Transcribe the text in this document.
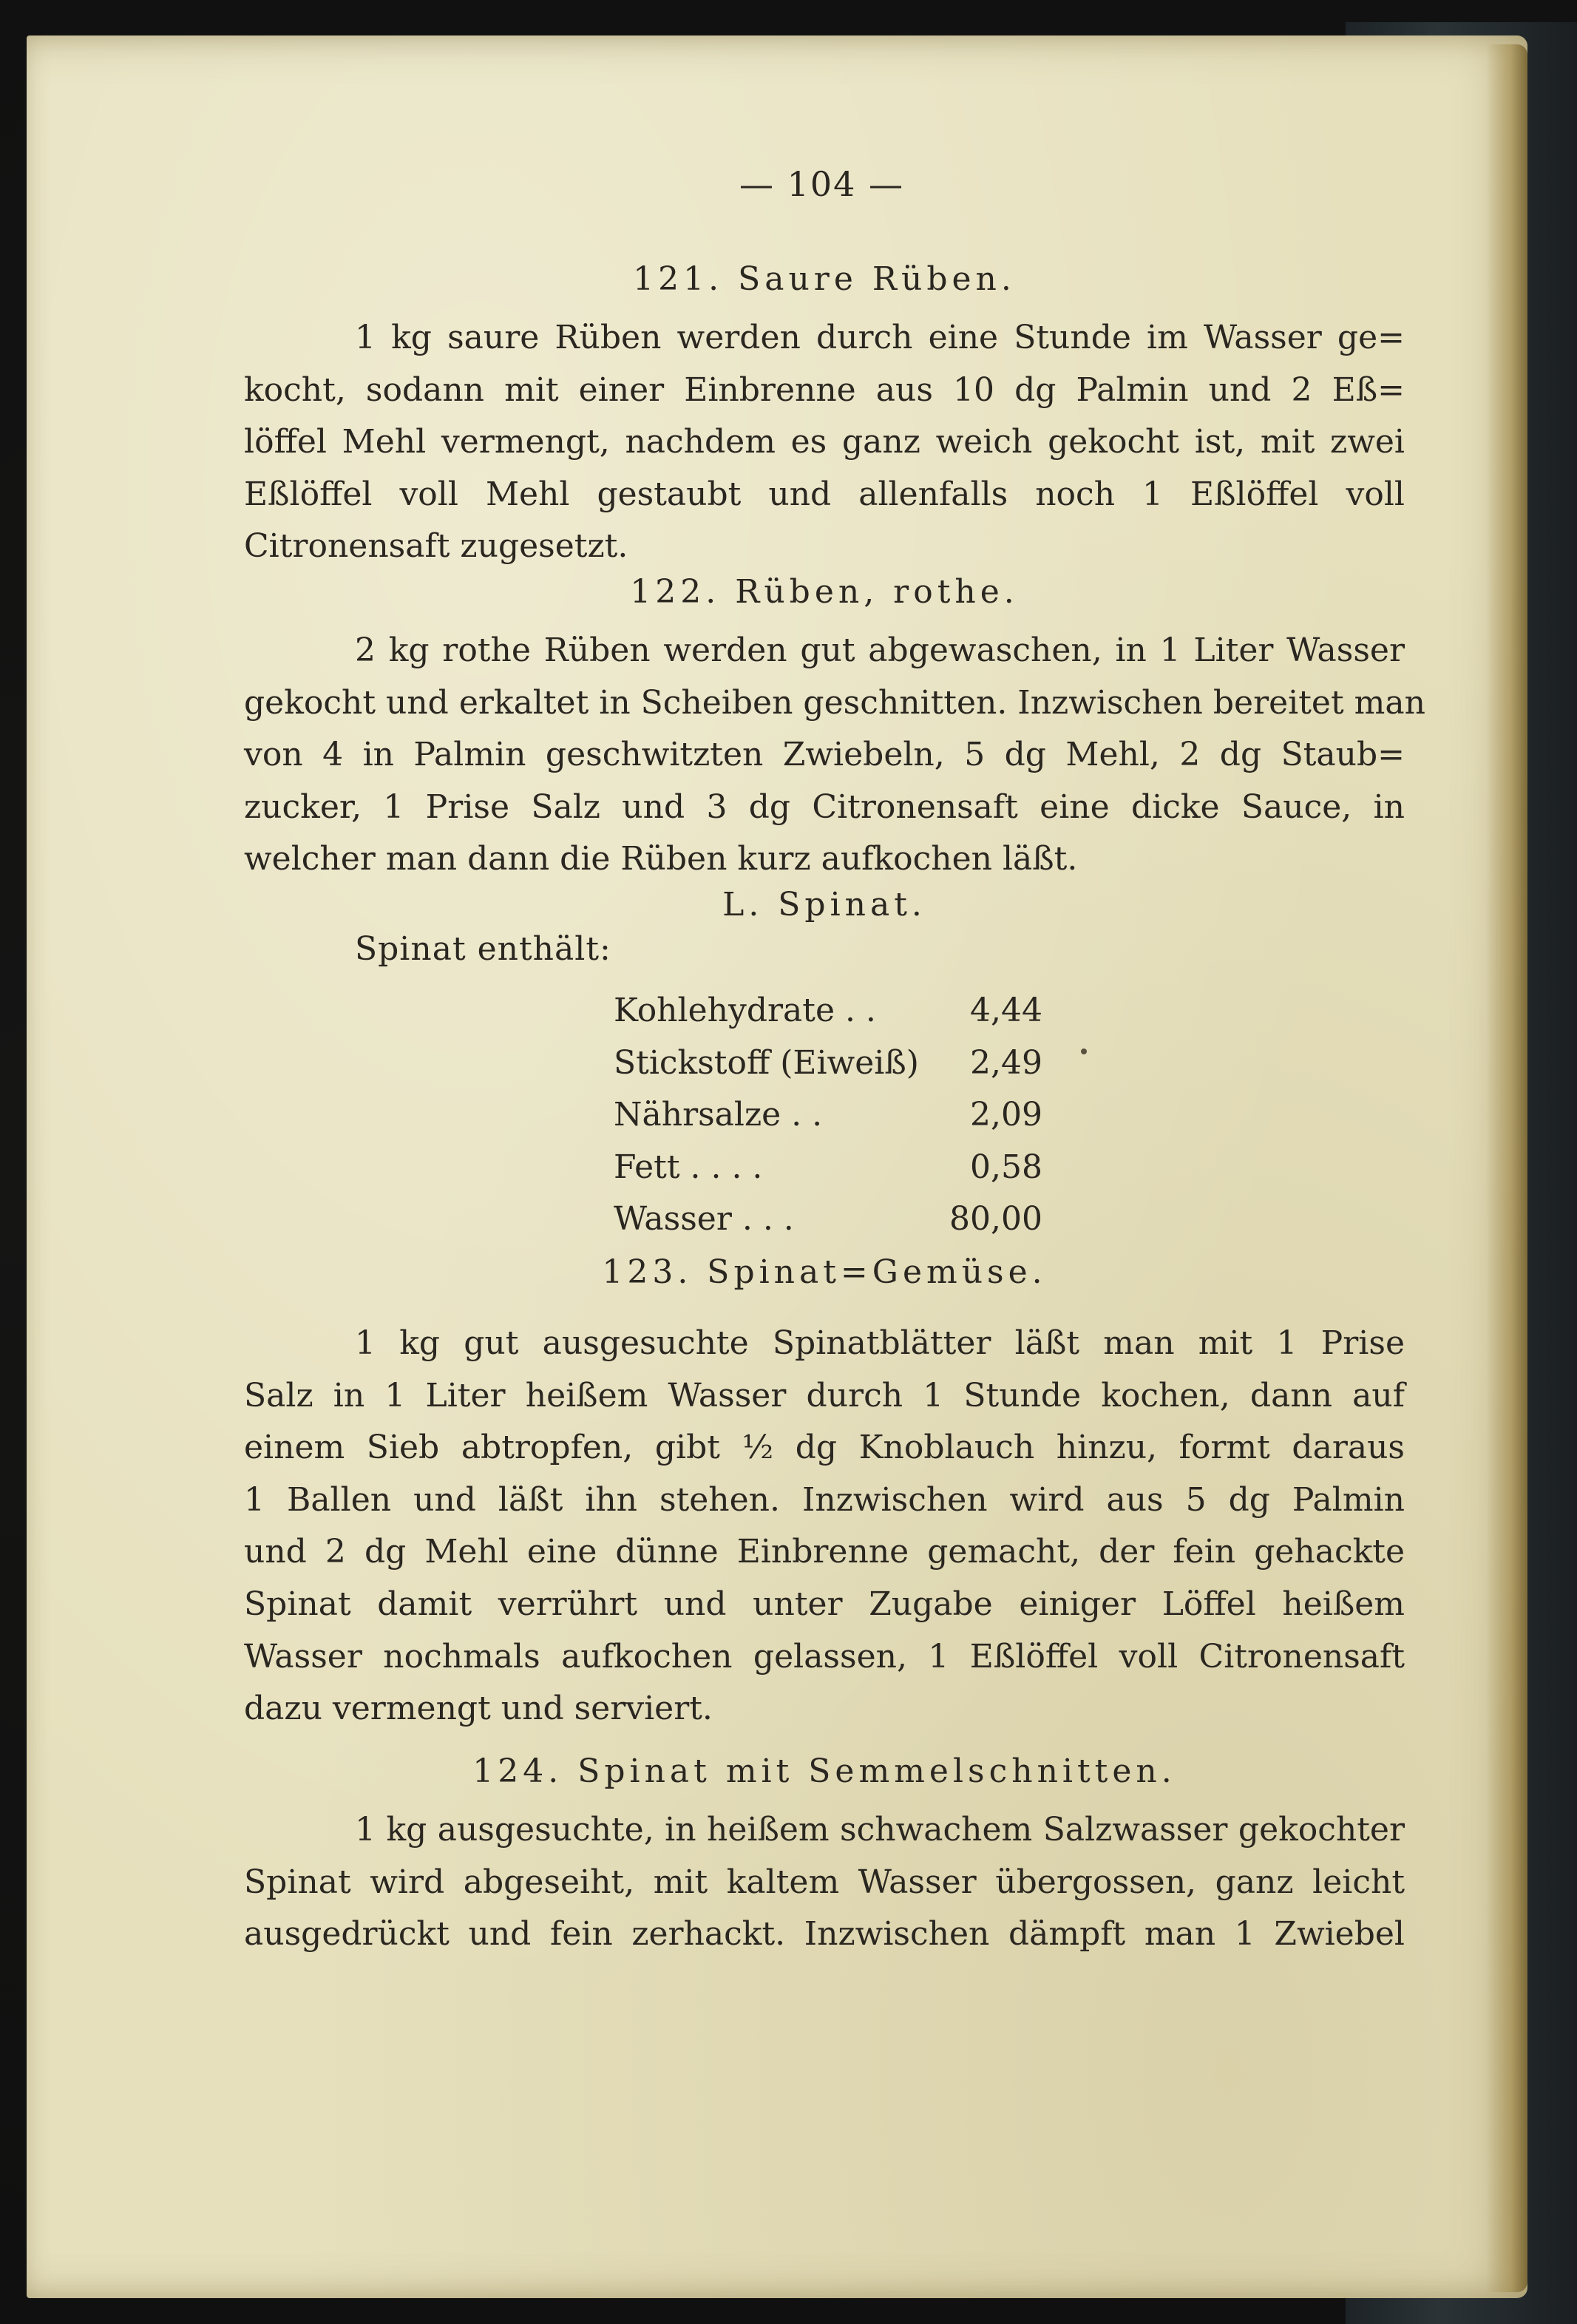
— 104 —
121. Saure Rüben.
1 kg saure Rüben werden durch eine Stunde im Wasser ge=
kocht, sodann mit einer Einbrenne aus 10 dg Palmin und 2 Eß=
löffel Mehl vermengt, nachdem es ganz weich gekocht ist, mit zwei
Eßlöffel voll Mehl gestaubt und allenfalls noch 1 Eßlöffel voll
Citronensaft zugesetzt.
122. Rüben, rothe.
2 kg rothe Rüben werden gut abgewaschen, in 1 Liter Wasser
gekocht und erkaltet in Scheiben geschnitten. Inzwischen bereitet man
von 4 in Palmin geschwitzten Zwiebeln, 5 dg Mehl, 2 dg Staub=
zucker, 1 Prise Salz und 3 dg Citronensaft eine dicke Sauce, in
welcher man dann die Rüben kurz aufkochen läßt.
L. Spinat.
Spinat enthält:
Kohlehydrate . .	4,44
Stickstoff (Eiweiß)	2,49
Nährsalze . .	2,09
Fett . . . .	0,58
Wasser . . .	80,00
123. Spinat=Gemüse.
1 kg gut ausgesuchte Spinatblätter läßt man mit 1 Prise
Salz in 1 Liter heißem Wasser durch 1 Stunde kochen, dann auf
einem Sieb abtropfen, gibt ½ dg Knoblauch hinzu, formt daraus
1 Ballen und läßt ihn stehen. Inzwischen wird aus 5 dg Palmin
und 2 dg Mehl eine dünne Einbrenne gemacht, der fein gehackte
Spinat damit verrührt und unter Zugabe einiger Löffel heißem
Wasser nochmals aufkochen gelassen, 1 Eßlöffel voll Citronensaft
dazu vermengt und serviert.
124. Spinat mit Semmelschnitten.
1 kg ausgesuchte, in heißem schwachem Salzwasser gekochter
Spinat wird abgeseiht, mit kaltem Wasser übergossen, ganz leicht
ausgedrückt und fein zerhackt. Inzwischen dämpft man 1 Zwiebel
